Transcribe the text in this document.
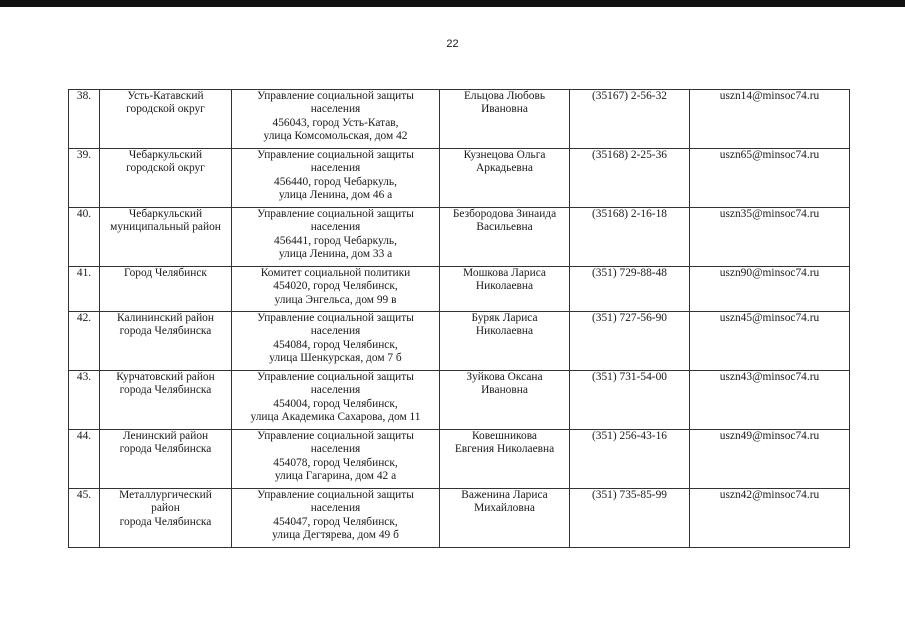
22
38.	Усть-Катавский
городской округ	Управление социальной защиты
населения
456043, город Усть-Катав,
улица Комсомольская, дом 42	Ельцова Любовь
Ивановна	(35167) 2-56-32	uszn14@minsoc74.ru
39.	Чебаркульский
городской округ	Управление социальной защиты
населения
456440, город Чебаркуль,
улица Ленина, дом 46 а	Кузнецова Ольга
Аркадьевна	(35168) 2-25-36	uszn65@minsoc74.ru
40.	Чебаркульский
муниципальный район	Управление социальной защиты
населения
456441, город Чебаркуль,
улица Ленина, дом 33 а	Безбородова Зинаида
Васильевна	(35168) 2-16-18	uszn35@minsoc74.ru
41.	Город Челябинск	Комитет социальной политики
454020, город Челябинск,
улица Энгельса, дом 99 в	Мошкова Лариса
Николаевна	(351) 729-88-48	uszn90@minsoc74.ru
42.	Калининский район
города Челябинска	Управление социальной защиты
населения
454084, город Челябинск,
улица Шенкурская, дом 7 б	Буряк Лариса
Николаевна	(351) 727-56-90	uszn45@minsoc74.ru
43.	Курчатовский район
города Челябинска	Управление социальной защиты
населения
454004, город Челябинск,
улица Академика Сахарова, дом 11	Зуйкова Оксана
Ивановна	(351) 731-54-00	uszn43@minsoc74.ru
44.	Ленинский район
города Челябинска	Управление социальной защиты
населения
454078, город Челябинск,
улица Гагарина, дом 42 а	Ковешникова
Евгения Николаевна	(351) 256-43-16	uszn49@minsoc74.ru
45.	Металлургический
район
города Челябинска	Управление социальной защиты
населения
454047, город Челябинск,
улица Дегтярева, дом 49 б	Важенина Лариса
Михайловна	(351) 735-85-99	uszn42@minsoc74.ru
